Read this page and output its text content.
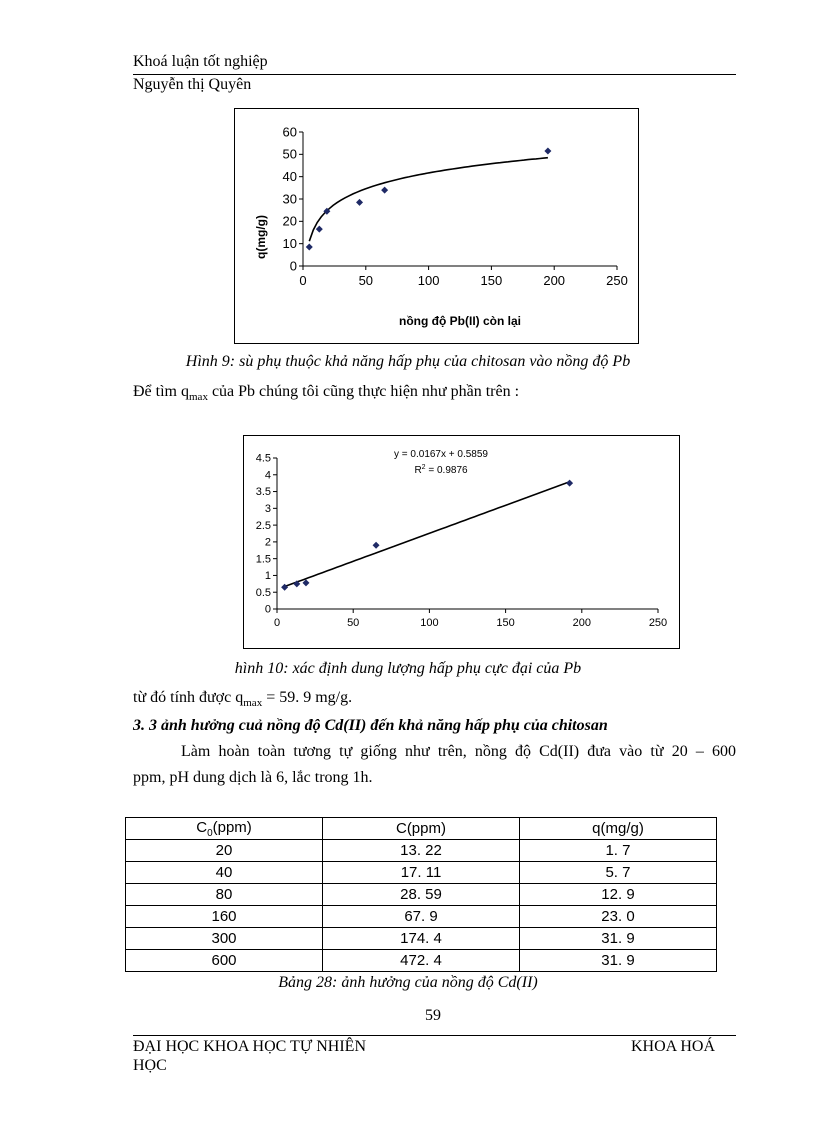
Khoá luận tốt nghiệp
Nguyễn thị Quyên
q(mg/g)
nồng độ Pb(II) còn lại
0
10
20
30
40
50
60
0	50	100	150	200	250
Hình 9: sù phụ thuộc khả năng hấp phụ của chitosan vào nồng độ Pb
Để tìm $q_{max}$ của Pb chúng tôi cũng thực hiện như phần trên :
y = 0.0167x + 0.5859
$R^2 = 0.9876$
0
0.5
1
1.5
2
2.5
3
3.5
4
4.5
0	50	100	150	200	250
hình 10: xác định dung lượng hấp phụ cực đại của Pb
từ đó tính được $q_{max} = 59$. 9 mg/g.
3. 3 ảnh hưởng cuả nồng độ Cd(II) đến khả năng hấp phụ của chitosan
Làm hoàn toàn tương tự giống như trên, nồng độ Cd(II) đưa vào từ 20 – 600
ppm, pH dung dịch là 6, lắc trong 1h.
$C_0(ppm)$	C(ppm)	q(mg/g)
20	13. 22	1. 7
40	17. 11	5. 7
80	28. 59	12. 9
160	67. 9	23. 0
300	174. 4	31. 9
600	472. 4	31. 9
Bảng 28: ảnh hưởng của nồng độ Cd(II)
59
ĐẠI HỌC KHOA HỌC TỰ NHIÊN
HỌC
KHOA HOÁ
